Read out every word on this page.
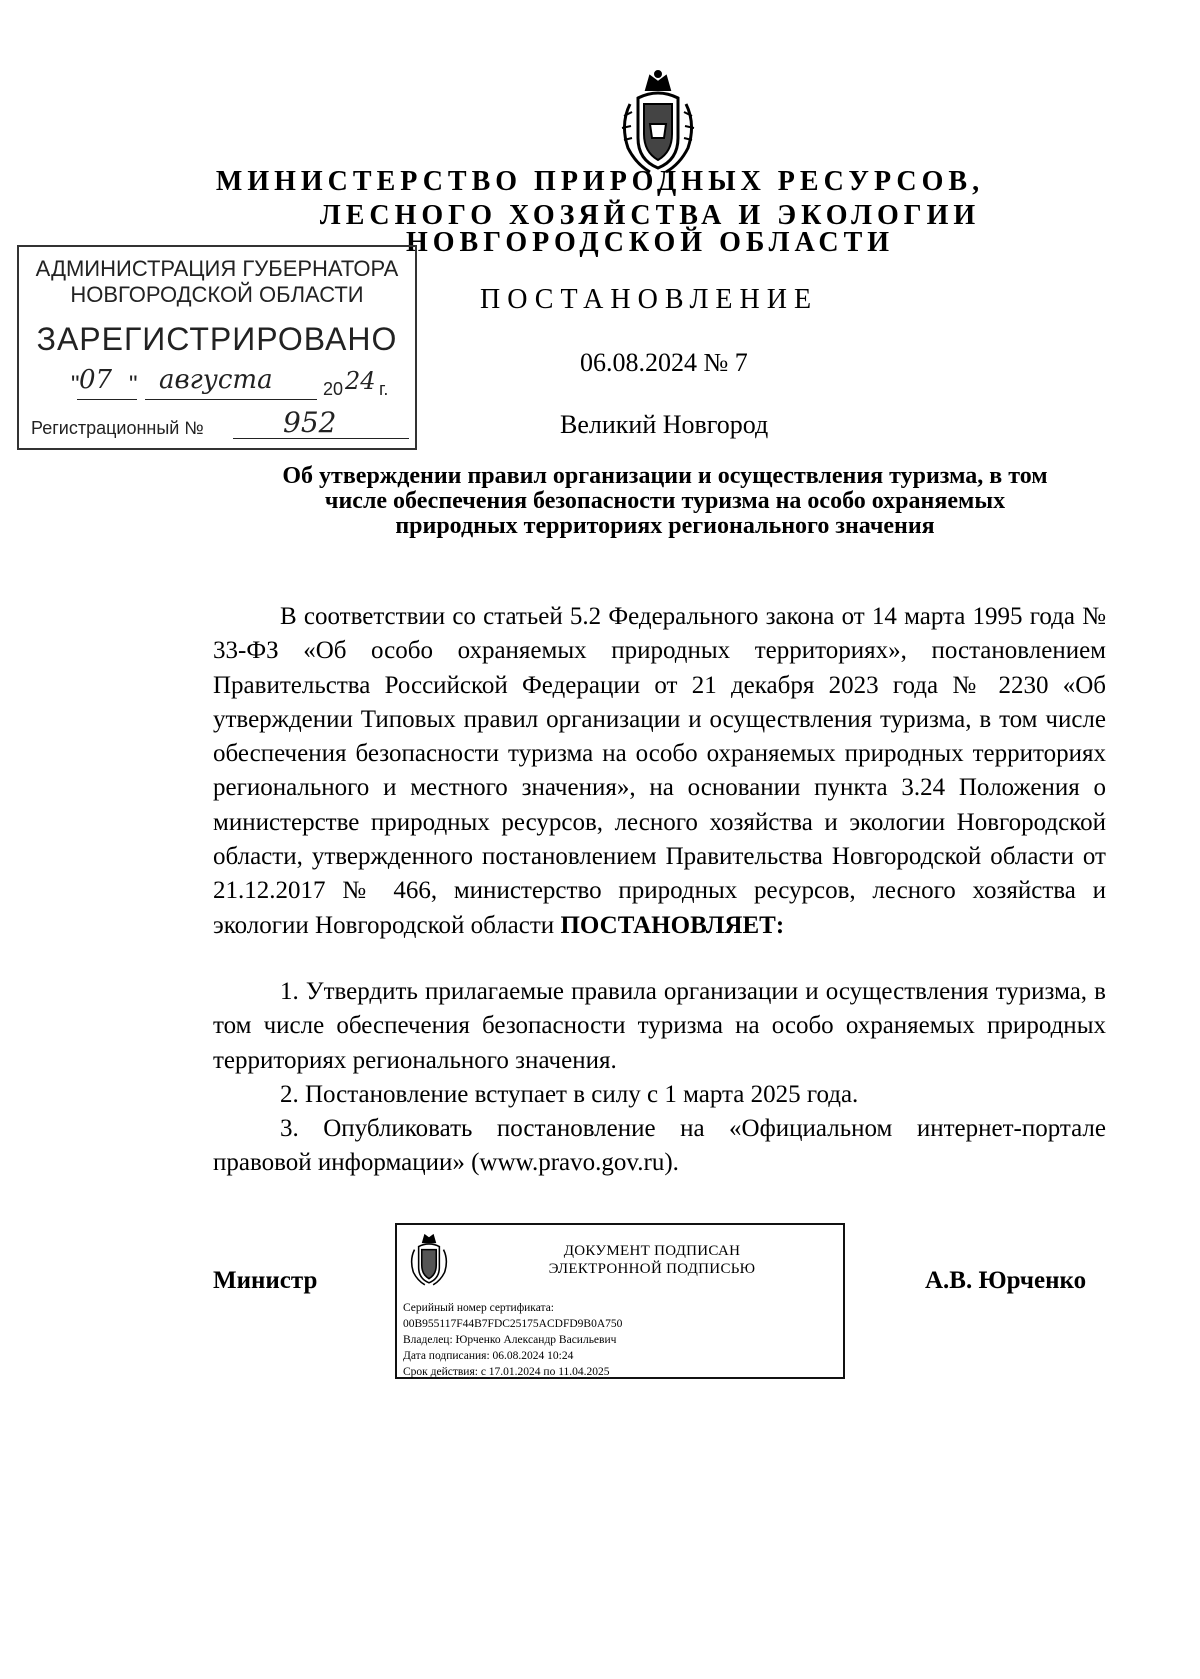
МИНИСТЕРСТВО ПРИРОДНЫХ РЕСУРСОВ,
ЛЕСНОГО ХОЗЯЙСТВА И ЭКОЛОГИИ
НОВГОРОДСКОЙ ОБЛАСТИ
ПОСТАНОВЛЕНИЕ
06.08.2024 № 7
Великий Новгород
АДМИНИСТРАЦИЯ ГУБЕРНАТОРА
НОВГОРОДСКОЙ ОБЛАСТИ
ЗАРЕГИСТРИРОВАНО
" 07 " августа	20 24 г.
Регистрационный №	952
Об утверждении правил организации и осуществления туризма, в том
числе обеспечения безопасности туризма на особо охраняемых
природных территориях регионального значения

В соответствии со статьей 5.2 Федерального закона от 14 марта 1995 года № 33-ФЗ «Об особо охраняемых природных территориях», постановлением Правительства Российской Федерации от 21 декабря 2023 года № 2230 «Об утверждении Типовых правил организации и осуществления туризма, в том числе обеспечения безопасности туризма на особо охраняемых природных территориях регионального и местного значения», на основании пункта 3.24 Положения о министерстве природных ресурсов, лесного хозяйства и экологии Новгородской области, утвержденного постановлением Правительства Новгородской области от 21.12.2017 № 466, министерство природных ресурсов, лесного хозяйства и экологии Новгородской области ПОСТАНОВЛЯЕТ:

1. Утвердить прилагаемые правила организации и осуществления туризма, в том числе обеспечения безопасности туризма на особо охраняемых природных территориях регионального значения.

2. Постановление вступает в силу с 1 марта 2025 года.

3. Опубликовать постановление на «Официальном интернет-портале правовой информации» (www.pravo.gov.ru).

Министр	А.В. Юрченко
ДОКУМЕНТ ПОДПИСАН
ЭЛЕКТРОННОЙ ПОДПИСЬЮ
Серийный номер сертификата:
00B955117F44B7FDC25175ACDFD9B0A750
Владелец: Юрченко Александр Васильевич
Дата подписания: 06.08.2024 10:24
Срок действия: с 17.01.2024 по 11.04.2025
